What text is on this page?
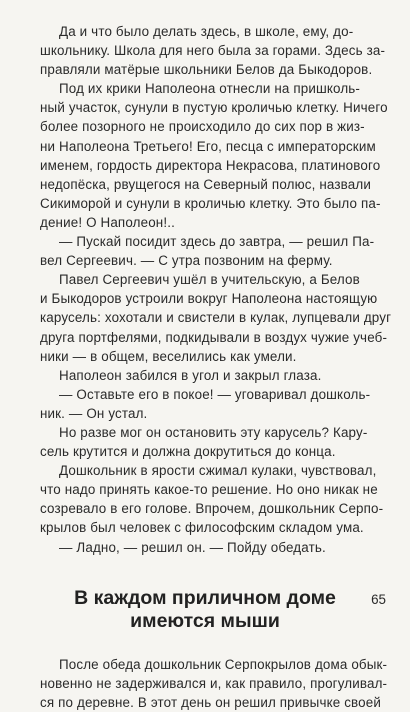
Да и что было делать здесь, в школе, ему, до-
школьнику. Школа для него была за горами. Здесь за-
правляли матёрые школьники Белов да Быкодоров.

Под их крики Наполеона отнесли на пришколь-
ный участок, сунули в пустую кроличью клетку. Ничего
более позорного не происходило до сих пор в жиз-
ни Наполеона Третьего! Его, песца с императорским
именем, гордость директора Некрасова, платинового
недопёска, рвущегося на Северный полюс, назвали
Сикиморой и сунули в кроличью клетку. Это было па-
дение! О Наполеон!..

— Пускай посидит здесь до завтра, — решил Па-
вел Сергеевич. — С утра позвоним на ферму.

Павел Сергеевич ушёл в учительскую, а Белов
и Быкодоров устроили вокруг Наполеона настоящую
карусель: хохотали и свистели в кулак, лупцевали друг
друга портфелями, подкидывали в воздух чужие учеб-
ники — в общем, веселились как умели.

Наполеон забился в угол и закрыл глаза.

— Оставьте его в покое! — уговаривал дошколь-
ник. — Он устал.

Но разве мог он остановить эту карусель? Кару-
сель крутится и должна докрутиться до конца.

Дошкольник в ярости сжимал кулаки, чувствовал,
что надо принять какое-то решение. Но оно никак не
созревало в его голове. Впрочем, дошкольник Серпо-
крылов был человек с философским складом ума.

— Ладно, — решил он. — Пойду обедать.

В каждом приличном доме
имеются мыши

После обеда дошкольник Серпокрылов дома обык-
новенно не задерживался и, как правило, прогуливал-
ся по деревне. В этот день он решил привычке своей

65
